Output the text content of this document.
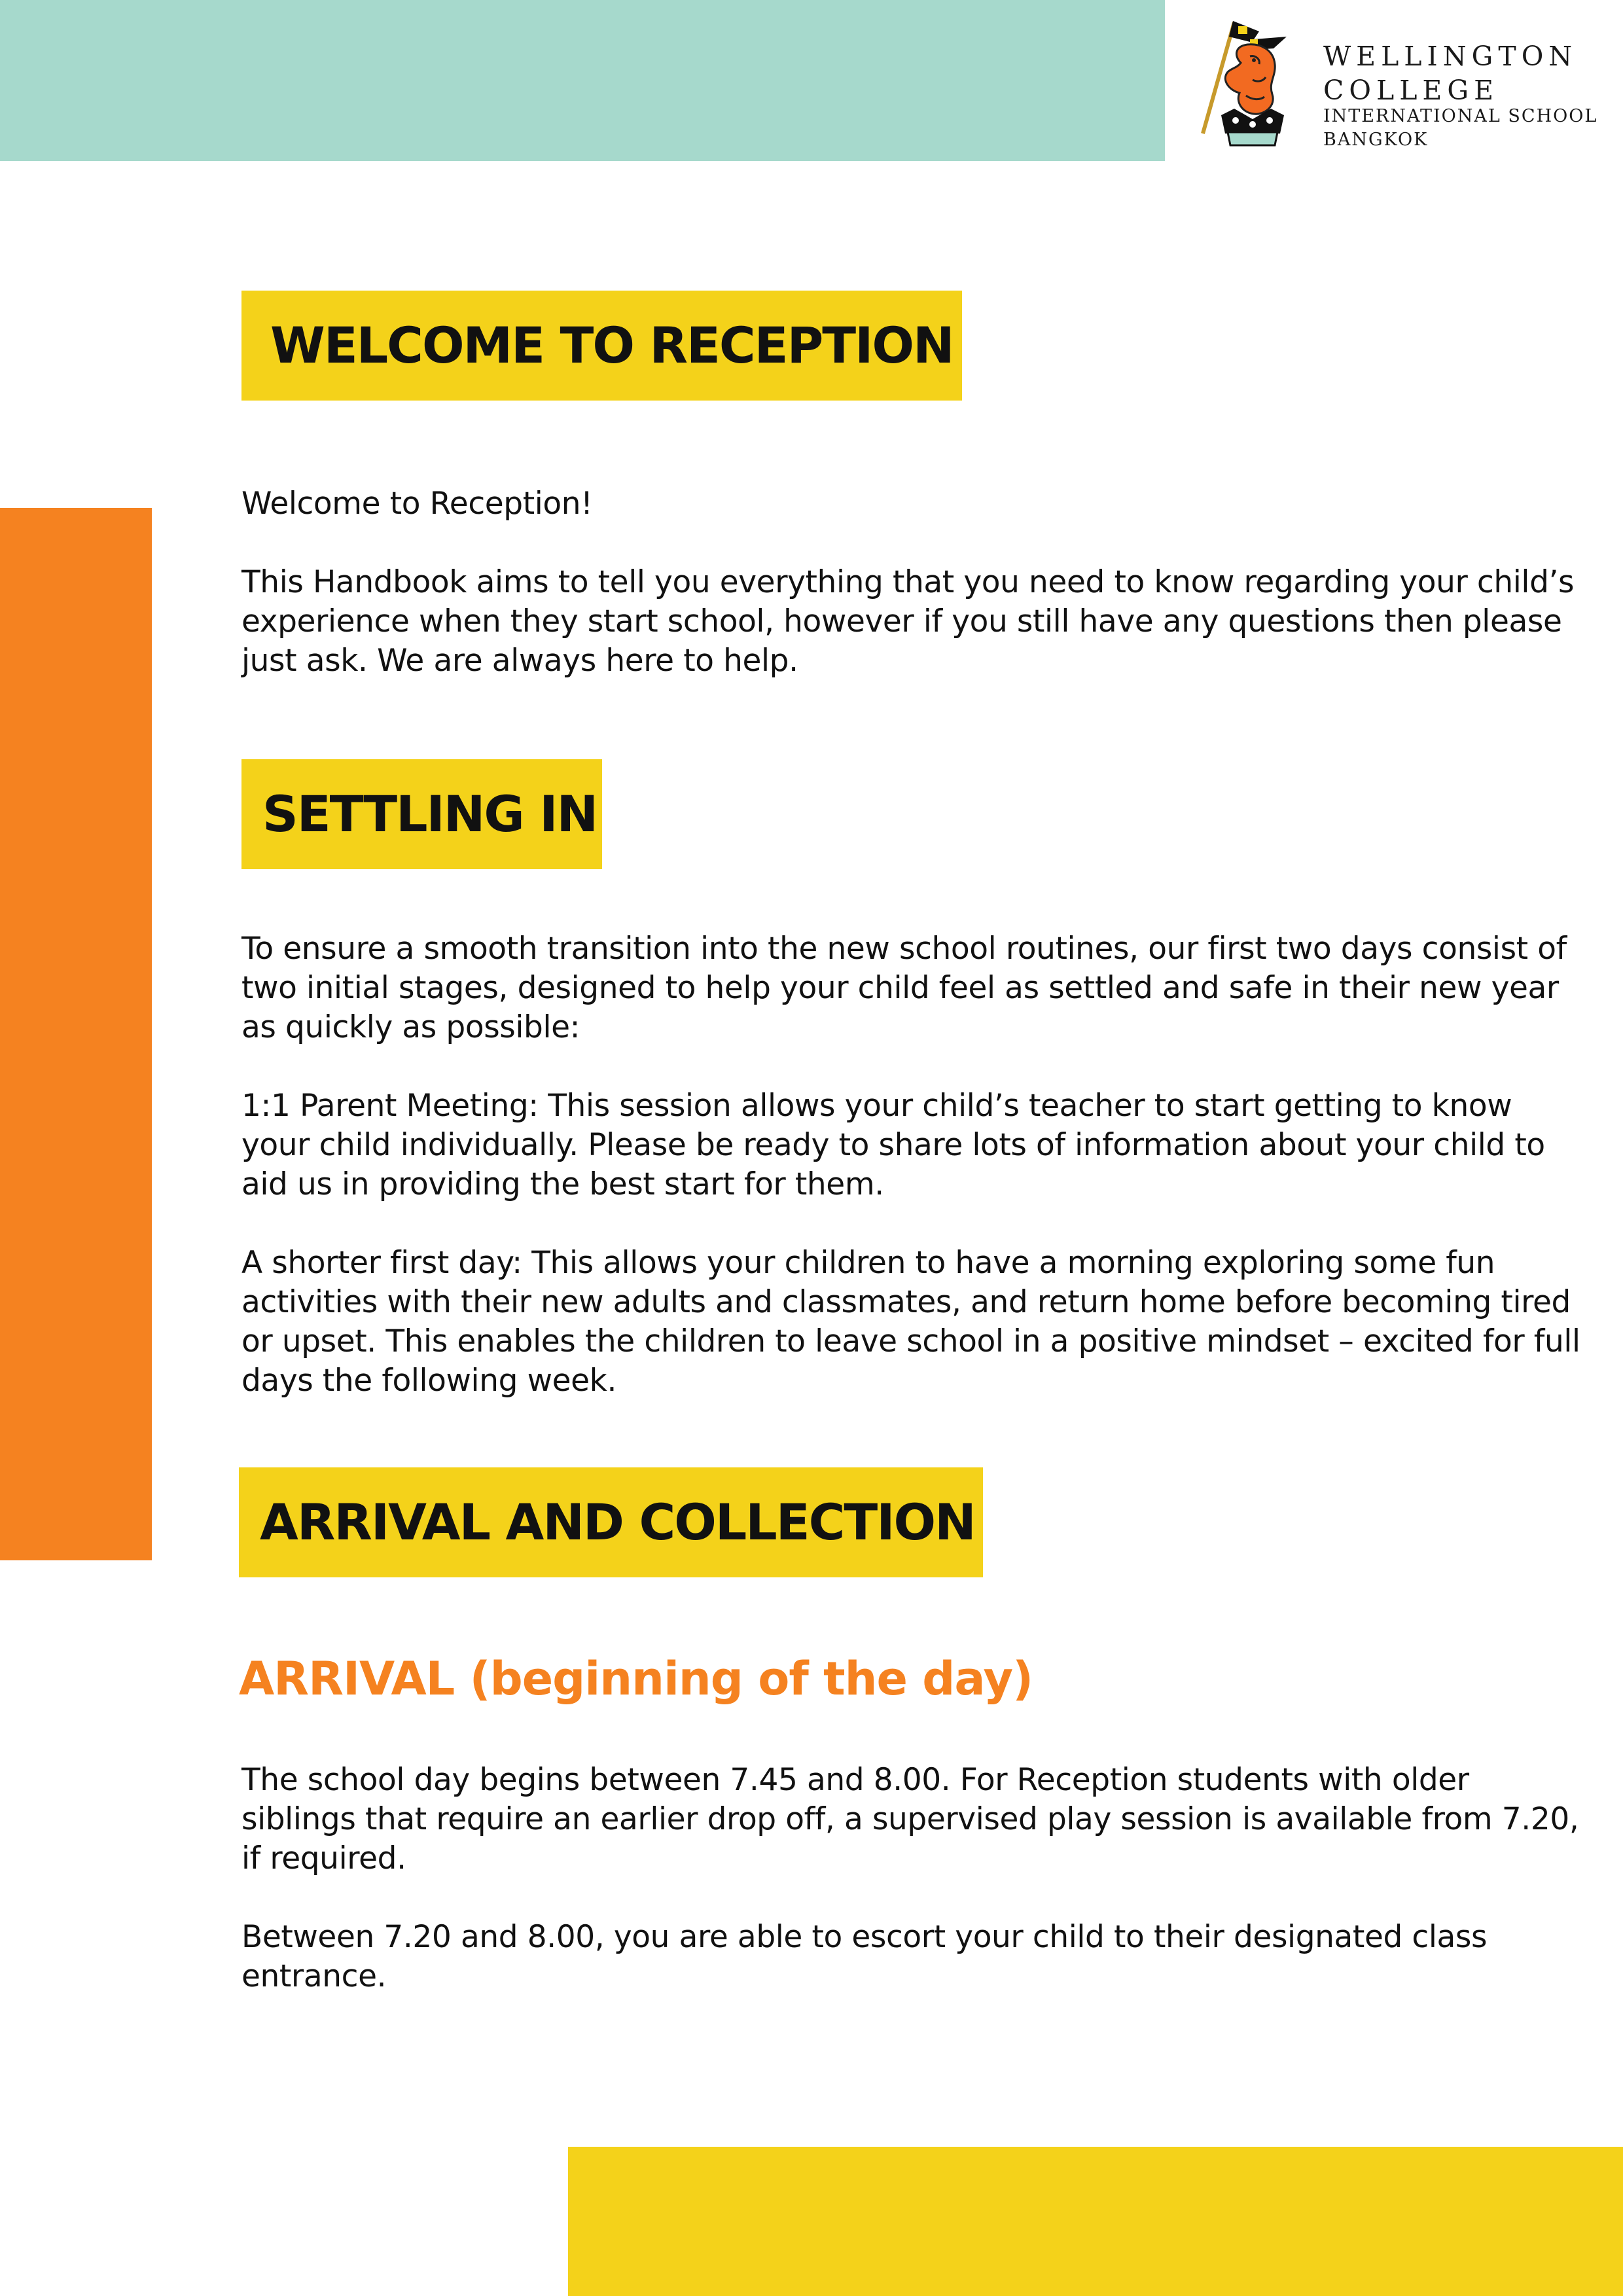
WELLINGTON
COLLEGE
INTERNATIONAL SCHOOL
BANGKOK
WELCOME TO RECEPTION

Welcome to Reception!

This Handbook aims to tell you everything that you need to know regarding your child’s experience when they start school, however if you still have any questions then please just ask. We are always here to help.

SETTLING IN

To ensure a smooth transition into the new school routines, our first two days consist of two initial stages, designed to help your child feel as settled and safe in their new year as quickly as possible:

1:1 Parent Meeting: This session allows your child’s teacher to start getting to know your child individually. Please be ready to share lots of information about your child to aid us in providing the best start for them.

A shorter first day: This allows your children to have a morning exploring some fun activities with their new adults and classmates, and return home before becoming tired or upset. This enables the children to leave school in a positive mindset – excited for full days the following week.

ARRIVAL AND COLLECTION
ARRIVAL (beginning of the day)

The school day begins between 7.45 and 8.00. For Reception students with older siblings that require an earlier drop off, a supervised play session is available from 7.20, if required.

Between 7.20 and 8.00, you are able to escort your child to their designated class entrance.
